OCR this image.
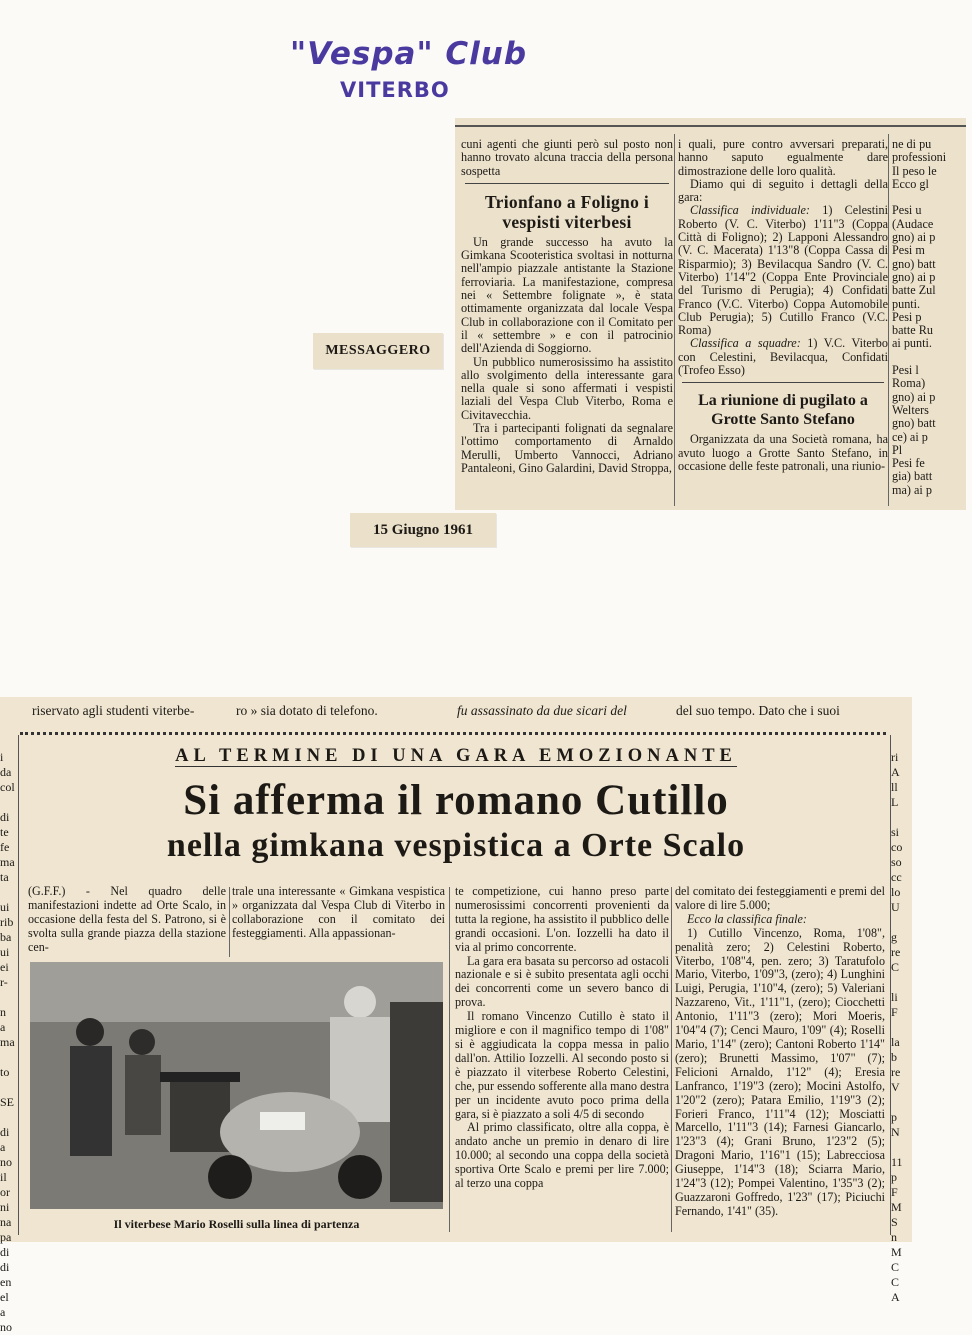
"Vespa" Club
VITERBO
MESSAGGERO
15 Giugno 1961

cuni agenti che giunti però sul posto non hanno trovato alcuna traccia della persona sospetta

Trionfano a Foligno i vespisti viterbesi

Un grande successo ha avuto la Gimkana Scooteristica svoltasi in notturna nell'ampio piazzale antistante la Stazione ferroviaria. La manifestazione, compresa nei « Settembre folignate », è stata ottimamente organizzata dal locale Vespa Club in collaborazione con il Comitato per il « settembre » e con il patrocinio dell'Azienda di Soggiorno.

Un pubblico numerosissimo ha assistito allo svolgimento della interessante gara nella quale si sono affermati i vespisti laziali del Vespa Club Viterbo, Roma e Civitavecchia.

Tra i partecipanti folignati da segnalare l'ottimo comportamento di Arnaldo Merulli, Umberto Vannocci, Adriano Pantaleoni, Gino Galardini, David Stroppa,

i quali, pure contro avversari preparati, hanno saputo egualmente dare dimostrazione delle loro qualità.

Diamo qui di seguito i dettagli della gara:

Classifica individuale: 1) Celestini Roberto (V. C. Viterbo) 1'11"3 (Coppa Città di Foligno); 2) Lapponi Alessandro (V. C. Macerata) 1'13"8 (Coppa Cassa di Risparmio); 3) Bevilacqua Sandro (V. C. Viterbo) 1'14"2 (Coppa Ente Provinciale del Turismo di Perugia); 4) Confidati Franco (V.C. Viterbo) Coppa Automobile Club Perugia); 5) Cutillo Franco (V.C. Roma)

Classifica a squadre: 1) V.C. Viterbo con Celestini, Bevilacqua, Confidati (Trofeo Esso)

La riunione di pugilato a Grotte Santo Stefano

Organizzata da una Società romana, ha avuto luogo a Grotte Santo Stefano, in occasione delle feste patronali, una riunio-

ne di pu
professioni
Il peso le
Ecco gl

Pesi u
(Audace
gno) ai p
Pesi m
gno) batt
gno) ai p
batte Zul
punti.
Pesi p
batte Ru
ai punti.

Pesi l
Roma)
gno) ai p
Welters
gno) batt
ce) ai p
Pl
Pesi fe
gia) batt
ma) ai p
riservato agli studenti viterbe-	ro » sia dotato di telefono.	fu assassinato da due sicari del	del suo tempo. Dato che i suoi

i
da
col

di
te
fe
ma
ta

ui
rib
ba
ui
ei
r-

n
a
ma

to

SE

di
a
no
il
or
ni
na
pa
di
di
en
el
a
no
AL TERMINE DI UNA GARA EMOZIONANTE
Si afferma il romano Cutillo
nella gimkana vespistica a Orte Scalo

(G.F.F.) - Nel quadro delle manifestazioni indette ad Orte Scalo, in occasione della festa del S. Patrono, si è svolta sulla grande piazza della stazione cen-

trale una interessante « Gimkana vespistica » organizzata dal Vespa Club di Viterbo in collaborazione con il comitato dei festeggiamenti. Alla appassionan-

te competizione, cui hanno preso parte numerosissimi concorrenti provenienti da tutta la regione, ha assistito il pubblico delle grandi occasioni. L'on. Iozzelli ha dato il via al primo concorrente.

La gara era basata su percorso ad ostacoli nazionale e si è subito presentata agli occhi dei concorrenti come un severo banco di prova.

Il romano Vincenzo Cutillo è stato il migliore e con il magnifico tempo di 1'08" si è aggiudicata la coppa messa in palio dall'on. Attilio Iozzelli. Al secondo posto si è piazzato il viterbese Roberto Celestini, che, pur essendo sofferente alla mano destra per un incidente avuto poco prima della gara, si è piazzato a soli 4/5 di secondo

Al primo classificato, oltre alla coppa, è andato anche un premio in denaro di lire 10.000; al secondo una coppa della società sportiva Orte Scalo e premi per lire 7.000; al terzo una coppa

del comitato dei festeggiamenti e premi del valore di lire 5.000;

Ecco la classifica finale:

1) Cutillo Vincenzo, Roma, 1'08", penalità zero; 2) Celestini Roberto, Viterbo, 1'08"4, pen. zero; 3) Taratufolo Mario, Viterbo, 1'09"3, (zero); 4) Lunghini Luigi, Perugia, 1'10"4, (zero); 5) Valeriani Nazzareno, Vit., 1'11"1, (zero); Ciocchetti Antonio, 1'11"3 (zero); Mori Moeris, 1'04"4 (7); Cenci Mauro, 1'09" (4); Roselli Mario, 1'14" (zero); Cantoni Roberto 1'14" (zero); Brunetti Massimo, 1'07" (7); Felicioni Arnaldo, 1'12" (4); Eresia Lanfranco, 1'19"3 (zero); Mocini Astolfo, 1'20"2 (zero); Patara Emilio, 1'19"3 (2); Forieri Franco, 1'11"4 (12); Mosciatti Marcello, 1'11"3 (14); Farnesi Giancarlo, 1'23"3 (4); Grani Bruno, 1'23"2 (5); Dragoni Mario, 1'16"1 (15); Labrecciosa Giuseppe, 1'14"3 (18); Sciarra Mario, 1'24"3 (12); Pompei Valentino, 1'35"3 (2); Guazzaroni Goffredo, 1'23" (17); Piciuchi Fernando, 1'41" (35).

Il viterbese Mario Roselli sulla linea di partenza

ri
A
ll
L

si
co
so
cc
lo
U

g
re
C

li
F

la
b
re
V

p
N

11
p
F
M
S
n
M
C
C
A
